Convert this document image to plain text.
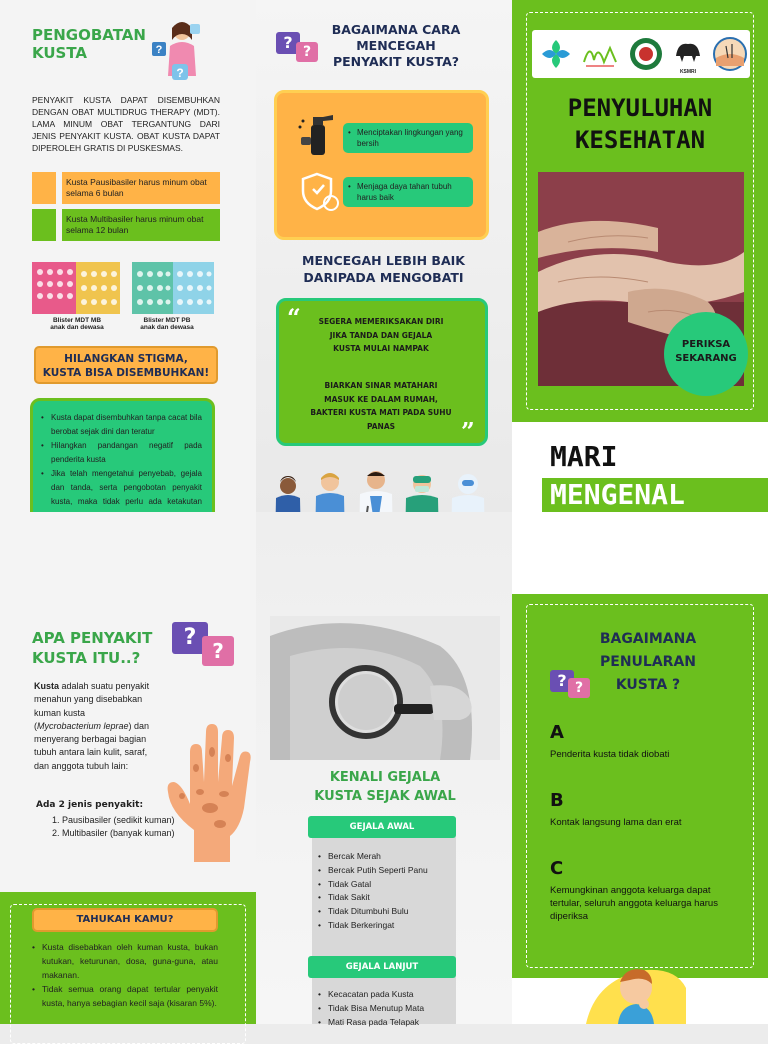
PENGOBATAN
KUSTA	?
?
PENYAKIT KUSTA DAPAT DISEMBUHKAN DENGAN OBAT MULTIDRUG THERAPY (MDT). LAMA MINUM OBAT TERGANTUNG DARI JENIS PENYAKIT KUSTA. OBAT KUSTA DAPAT DIPEROLEH GRATIS DI PUSKESMAS.
Kusta Pausibasiler harus minum obat selama 6 bulan
Kusta Multibasiler harus minum obat selama 12 bulan
Blister MDT MB anak dan dewasa
Blister MDT PB anak dan dewasa
HILANGKAN STIGMA,
KUSTA BISA DISEMBUHKAN!
• Kusta dapat disembuhkan tanpa cacat bila berobat sejak dini dan teratur
• Hilangkan pandangan negatif pada penderita kusta
• Jika telah mengetahui penyebab, gejala dan tanda, serta pengobotan penyakit kusta, maka tidak perlu ada ketakutan
? ?
BAGAIMANA CARA
MENCEGAH
PENYAKIT KUSTA?
• Menciptakan lingkungan yang bersih
• Menjaga daya tahan tubuh harus baik
MENCEGAH LEBIH BAIK
DARIPADA MENGOBATI
“	SEGERA MEMERIKSAKAN DIRI JIKA TANDA DAN GEJALA KUSTA MULAI NAMPAK
BIARKAN SINAR MATAHARI MASUK KE DALAM RUMAH, BAKTERI KUSTA MATI PADA SUHU PANAS	”
KSMRI
PENYULUHAN
KESEHATAN
PERIKSA
SEKARANG
MARI
MENGENAL
APA PENYAKIT
KUSTA ITU..?
?
?
Kusta adalah suatu penyakit menahun yang disebabkan kuman kusta (Mycrobacterium leprae) dan menyerang berbagai bagian tubuh antara lain kulit, saraf, dan anggota tubuh lain:
Ada 2 jenis penyakit:
1. Pausibasiler (sedikit kuman)
2. Multibasiler (banyak kuman)
TAHUKAH KAMU?
• Kusta disebabkan oleh kuman kusta, bukan kutukan, keturunan, dosa, guna-guna, atau makanan.
• Tidak semua orang dapat tertular penyakit kusta, hanya sebagian kecil saja (kisaran 5%).
KENALI GEJALA
KUSTA SEJAK AWAL
GEJALA AWAL
• Bercak Merah
• Bercak Putih Seperti Panu
• Tidak Gatal
• Tidak Sakit
• Tidak Ditumbuhi Bulu
• Tidak Berkeringat
GEJALA LANJUT
• Kecacatan pada Kusta
• Tidak Bisa Menutup Mata
• Mati Rasa pada Telapak
BAGAIMANA
PENULARAN
KUSTA ?
? ?
A
Penderita kusta tidak diobati
B
Kontak langsung lama dan erat
C
Kemungkinan anggota keluarga dapat tertular, seluruh anggota keluarga harus diperiksa
